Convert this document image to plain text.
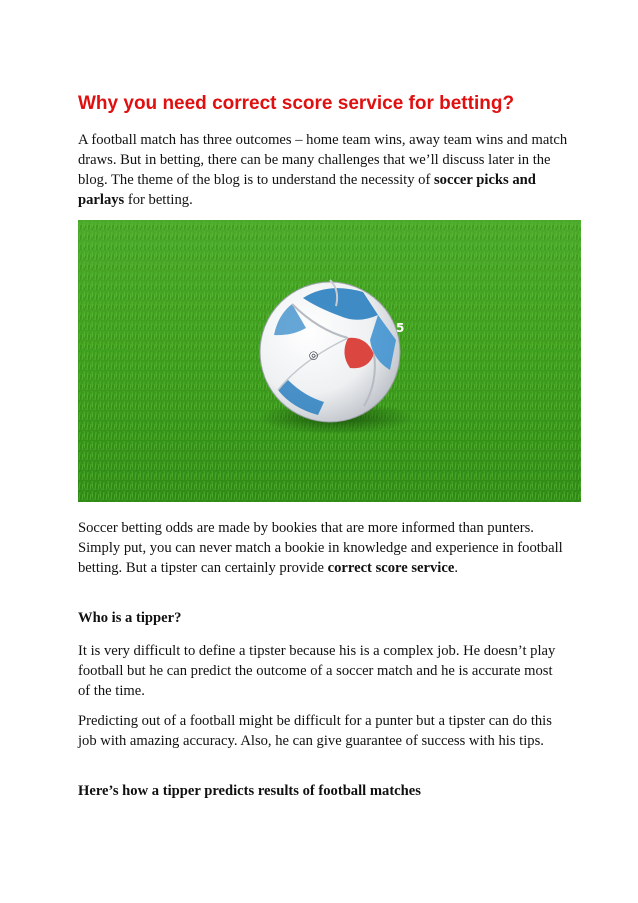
Why you need correct score service for betting?

A football match has three outcomes – home team wins, away team wins and match draws. But in betting, there can be many challenges that we’ll discuss later in the blog. The theme of the blog is to understand the necessity of soccer picks and parlays for betting.

◎
5

Soccer betting odds are made by bookies that are more informed than punters. Simply put, you can never match a bookie in knowledge and experience in football betting. But a tipster can certainly provide correct score service.

Who is a tipper?

It is very difficult to define a tipster because his is a complex job. He doesn’t play football but he can predict the outcome of a soccer match and he is accurate most of the time.

Predicting out of a football might be difficult for a punter but a tipster can do this job with amazing accuracy. Also, he can give guarantee of success with his tips.

Here’s how a tipper predicts results of football matches
